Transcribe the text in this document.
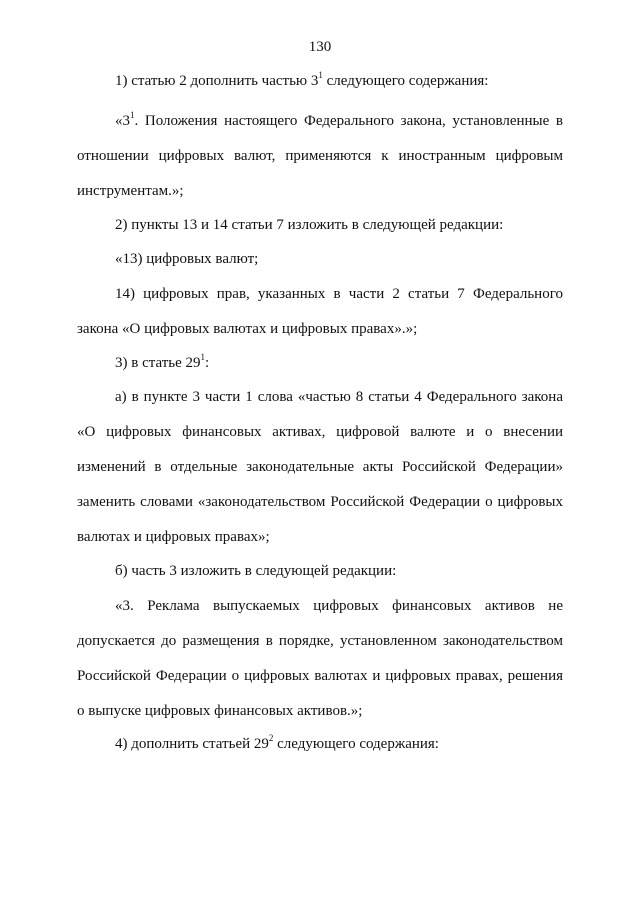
130

1) статью 2 дополнить частью $3^1$ следующего содержания:

«$3^1$. Положения настоящего Федерального закона, установленные в отношении цифровых валют, применяются к иностранным цифровым инструментам.»;

2) пункты 13 и 14 статьи 7 изложить в следующей редакции:

«13) цифровых валют;

14) цифровых прав, указанных в части 2 статьи 7 Федерального закона «О цифровых валютах и цифровых правах».»;

3) в статье $29^1$:

а) в пункте 3 части 1 слова «частью 8 статьи 4 Федерального закона «О цифровых финансовых активах, цифровой валюте и о внесении изменений в отдельные законодательные акты Российской Федерации» заменить словами «законодательством Российской Федерации о цифровых валютах и цифровых правах»;

б) часть 3 изложить в следующей редакции:

«3. Реклама выпускаемых цифровых финансовых активов не допускается до размещения в порядке, установленном законодательством Российской Федерации о цифровых валютах и цифровых правах, решения о выпуске цифровых финансовых активов.»;

4) дополнить статьей $29^2$ следующего содержания:
